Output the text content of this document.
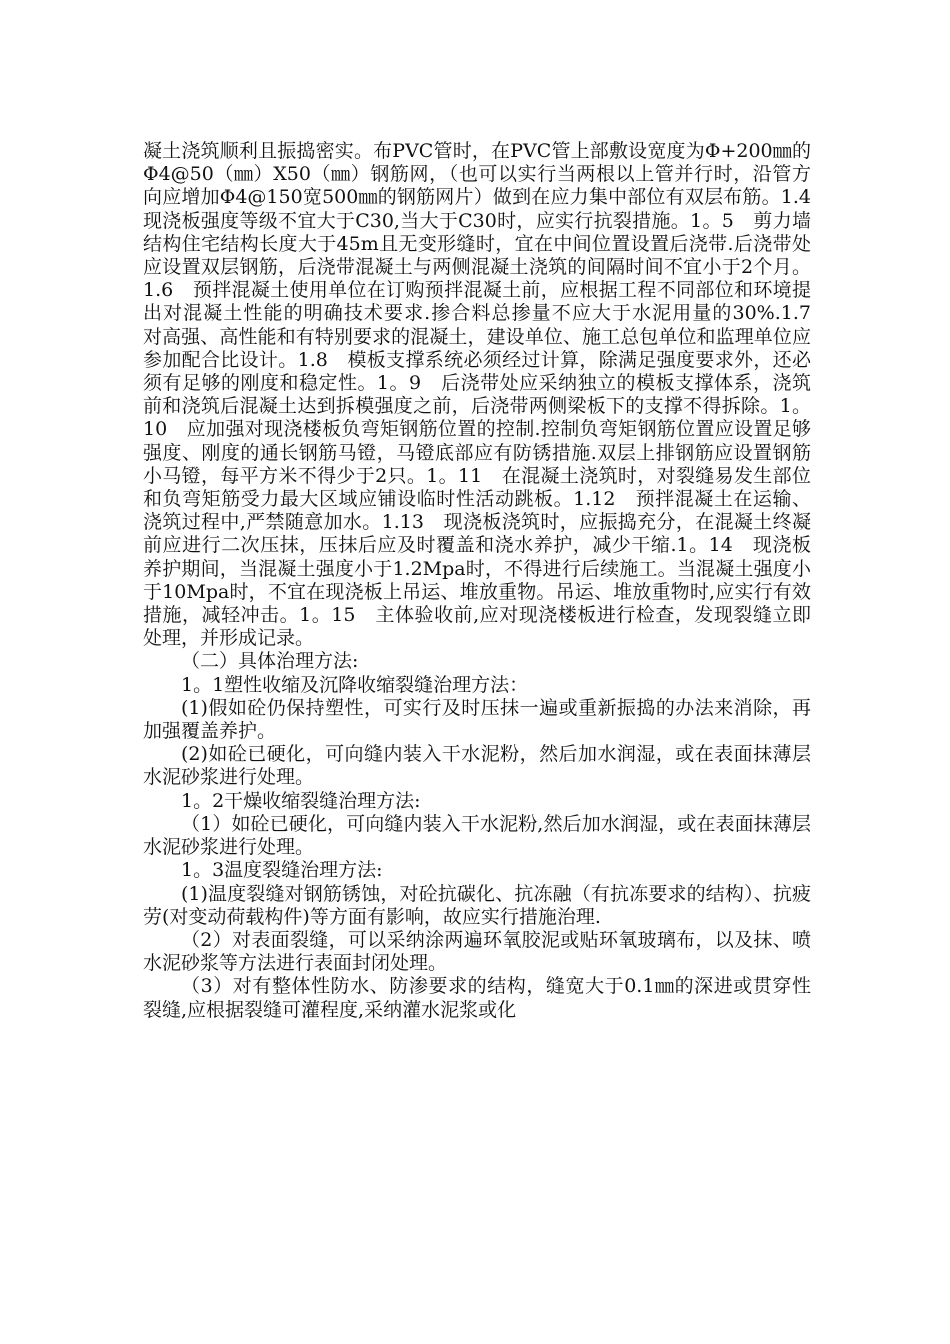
凝土浇筑顺利且振捣密实。布PVC管时，在PVC管上部敷设宽度为Φ+200㎜的Φ4@50（㎜）Χ50（㎜）钢筋网，（也可以实行当两根以上管并行时，沿管方向应增加Φ4@150宽500㎜的钢筋网片）做到在应力集中部位有双层布筋。1.4　现浇板强度等级不宜大于C30,当大于C30时，应实行抗裂措施。1。5　剪力墙结构住宅结构长度大于45m且无变形缝时，宜在中间位置设置后浇带.后浇带处应设置双层钢筋，后浇带混凝土与两侧混凝土浇筑的间隔时间不宜小于2个月。1.6　预拌混凝土使用单位在订购预拌混凝土前，应根据工程不同部位和环境提出对混凝土性能的明确技术要求.掺合料总掺量不应大于水泥用量的30%.1.7　对高强、高性能和有特别要求的混凝土，建设单位、施工总包单位和监理单位应参加配合比设计。1.8　模板支撑系统必须经过计算，除满足强度要求外，还必须有足够的刚度和稳定性。1。9　后浇带处应采纳独立的模板支撑体系，浇筑前和浇筑后混凝土达到拆模强度之前，后浇带两侧梁板下的支撑不得拆除。1。10　应加强对现浇楼板负弯矩钢筋位置的控制.控制负弯矩钢筋位置应设置足够强度、刚度的通长钢筋马镫，马镫底部应有防锈措施.双层上排钢筋应设置钢筋小马镫，每平方米不得少于2只。1。11　在混凝土浇筑时，对裂缝易发生部位和负弯矩筋受力最大区域应铺设临时性活动跳板。1.12　预拌混凝土在运输、浇筑过程中,严禁随意加水。1.13　现浇板浇筑时，应振捣充分，在混凝土终凝前应进行二次压抹，压抹后应及时覆盖和浇水养护，减少干缩.1。14　现浇板养护期间，当混凝土强度小于1.2Mpa时，不得进行后续施工。当混凝土强度小于10Mpa时，不宜在现浇板上吊运、堆放重物。吊运、堆放重物时,应实行有效措施，减轻冲击。1。15　主体验收前,应对现浇楼板进行检查，发现裂缝立即处理，并形成记录。

（二）具体治理方法:

1。1塑性收缩及沉降收缩裂缝治理方法：

(1)假如砼仍保持塑性，可实行及时压抹一遍或重新振捣的办法来消除，再加强覆盖养护。

(2)如砼已硬化，可向缝内装入干水泥粉，然后加水润湿，或在表面抹薄层水泥砂浆进行处理。

1。2干燥收缩裂缝治理方法:

（1）如砼已硬化，可向缝内装入干水泥粉,然后加水润湿，或在表面抹薄层水泥砂浆进行处理。

1。3温度裂缝治理方法:

(1)温度裂缝对钢筋锈蚀，对砼抗碳化、抗冻融（有抗冻要求的结构）、抗疲劳(对变动荷载构件)等方面有影响，故应实行措施治理.

（2）对表面裂缝，可以采纳涂两遍环氧胶泥或贴环氧玻璃布，以及抹、喷水泥砂浆等方法进行表面封闭处理。

（3）对有整体性防水、防渗要求的结构，缝宽大于0.1㎜的深进或贯穿性裂缝,应根据裂缝可灌程度,采纳灌水泥浆或化
